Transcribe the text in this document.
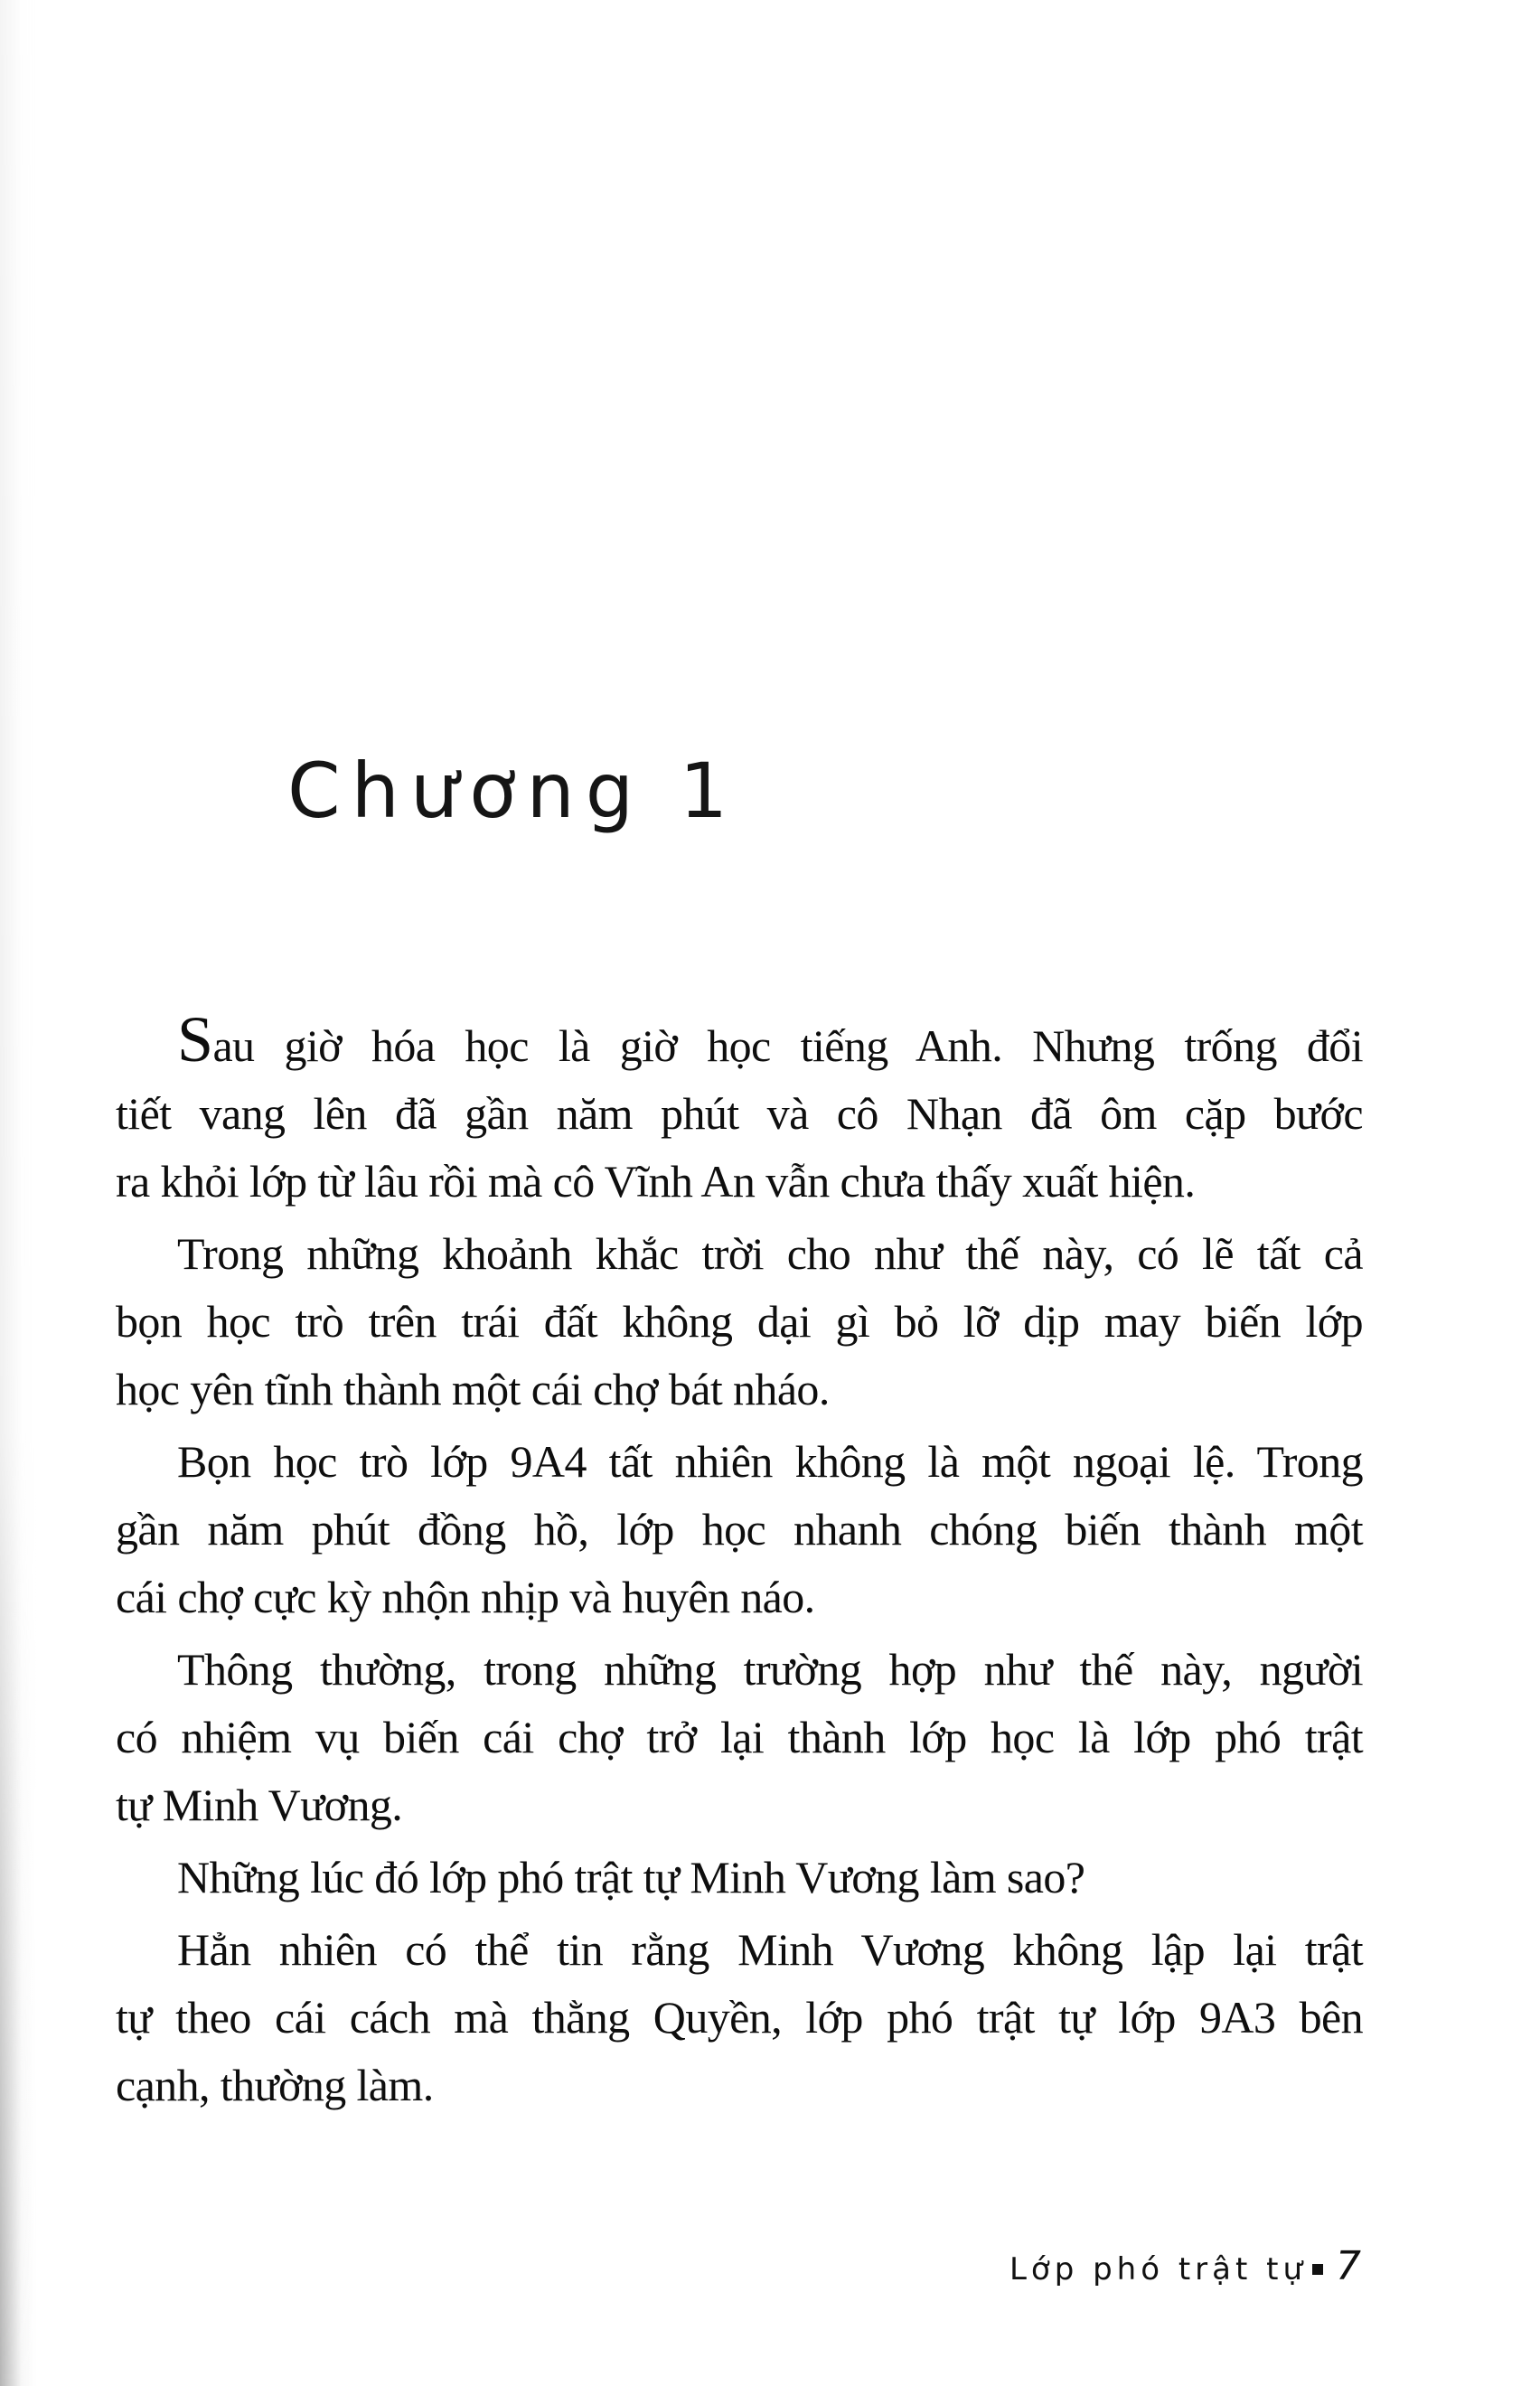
Chương 1
Sau giờ hóa học là giờ học tiếng Anh. Nhưng trống đổi
tiết vang lên đã gần năm phút và cô Nhạn đã ôm cặp bước
ra khỏi lớp từ lâu rồi mà cô Vĩnh An vẫn chưa thấy xuất hiện.
Trong những khoảnh khắc trời cho như thế này, có lẽ tất cả
bọn học trò trên trái đất không dại gì bỏ lỡ dịp may biến lớp
học yên tĩnh thành một cái chợ bát nháo.
Bọn học trò lớp 9A4 tất nhiên không là một ngoại lệ. Trong
gần năm phút đồng hồ, lớp học nhanh chóng biến thành một
cái chợ cực kỳ nhộn nhịp và huyên náo.
Thông thường, trong những trường hợp như thế này, người
có nhiệm vụ biến cái chợ trở lại thành lớp học là lớp phó trật
tự Minh Vương.
Những lúc đó lớp phó trật tự Minh Vương làm sao?
Hẳn nhiên có thể tin rằng Minh Vương không lập lại trật
tự theo cái cách mà thằng Quyền, lớp phó trật tự lớp 9A3 bên
cạnh, thường làm.
Lớp phó trật tự 7
